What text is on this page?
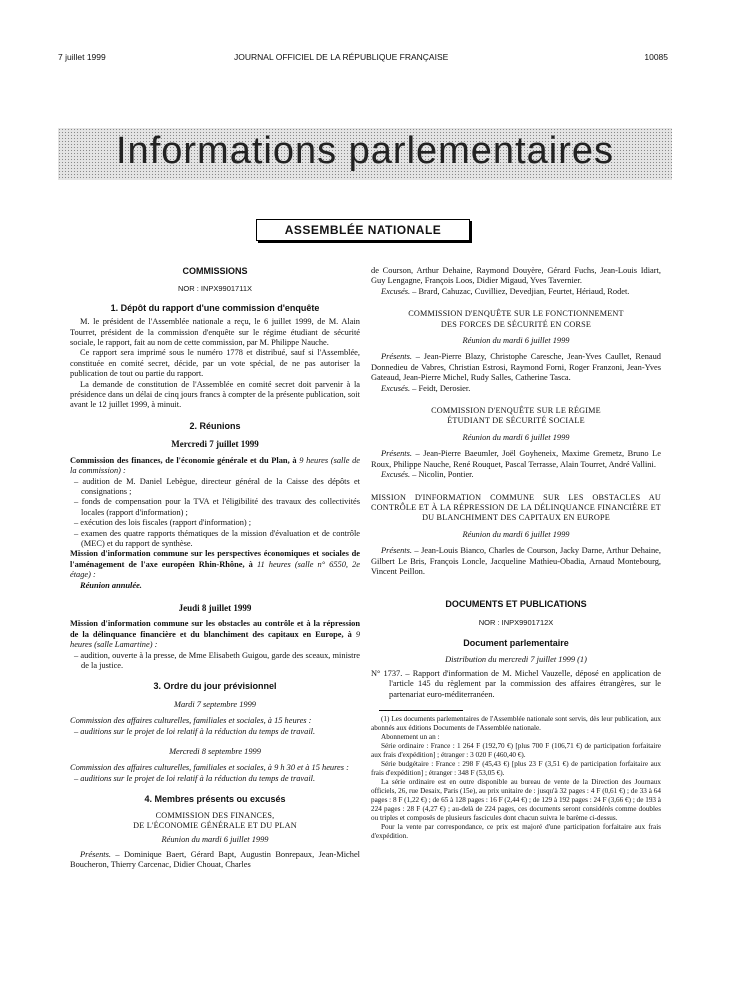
7 juillet 1999	JOURNAL OFFICIEL DE LA RÉPUBLIQUE FRANÇAISE	10085
Informations parlementaires
ASSEMBLÉE NATIONALE

COMMISSIONS

NOR : INPX9901711X

1. Dépôt du rapport d'une commission d'enquête

M. le président de l'Assemblée nationale a reçu, le 6 juillet 1999, de M. Alain Tourret, président de la commission d'enquête sur le régime étudiant de sécurité sociale, le rapport, fait au nom de cette commission, par M. Philippe Nauche.

Ce rapport sera imprimé sous le numéro 1778 et distribué, sauf si l'Assemblée, constituée en comité secret, décide, par un vote spécial, de ne pas autoriser la publication de tout ou partie du rapport.

La demande de constitution de l'Assemblée en comité secret doit parvenir à la présidence dans un délai de cinq jours francs à compter de la présente publication, soit avant le 12 juillet 1999, à minuit.

2. Réunions

Mercredi 7 juillet 1999

Commission des finances, de l'économie générale et du Plan, à 9 heures (salle de la commission) :

– audition de M. Daniel Lebègue, directeur général de la Caisse des dépôts et consignations ;

– fonds de compensation pour la TVA et l'éligibilité des travaux des collectivités locales (rapport d'information) ;

– exécution des lois fiscales (rapport d'information) ;

– examen des quatre rapports thématiques de la mission d'évaluation et de contrôle (MEC) et du rapport de synthèse.

Mission d'information commune sur les perspectives économiques et sociales de l'aménagement de l'axe européen Rhin-Rhône, à 11 heures (salle n° 6550, 2e étage) :

Réunion annulée.

Jeudi 8 juillet 1999

Mission d'information commune sur les obstacles au contrôle et à la répression de la délinquance financière et du blanchiment des capitaux en Europe, à 9 heures (salle Lamartine) :

– audition, ouverte à la presse, de Mme Elisabeth Guigou, garde des sceaux, ministre de la justice.

3. Ordre du jour prévisionnel

Mardi 7 septembre 1999

Commission des affaires culturelles, familiales et sociales, à 15 heures :

– auditions sur le projet de loi relatif à la réduction du temps de travail.

Mercredi 8 septembre 1999

Commission des affaires culturelles, familiales et sociales, à 9 h 30 et à 15 heures :

– auditions sur le projet de loi relatif à la réduction du temps de travail.

4. Membres présents ou excusés

COMMISSION DES FINANCES,

DE L'ÉCONOMIE GÉNÉRALE ET DU PLAN

Réunion du mardi 6 juillet 1999

Présents. – Dominique Baert, Gérard Bapt, Augustin Bonrepaux, Jean-Michel Boucheron, Thierry Carcenac, Didier Chouat, Charles

de Courson, Arthur Dehaine, Raymond Douyère, Gérard Fuchs, Jean-Louis Idiart, Guy Lengagne, François Loos, Didier Migaud, Yves Tavernier.

Excusés. – Brard, Cahuzac, Cuvilliez, Devedjian, Feurtet, Hériaud, Rodet.

COMMISSION D'ENQUÊTE SUR LE FONCTIONNEMENT

DES FORCES DE SÉCURITÉ EN CORSE

Réunion du mardi 6 juillet 1999

Présents. – Jean-Pierre Blazy, Christophe Caresche, Jean-Yves Caullet, Renaud Donnedieu de Vabres, Christian Estrosi, Raymond Forni, Roger Franzoni, Jean-Yves Gateaud, Jean-Pierre Michel, Rudy Salles, Catherine Tasca.

Excusés. – Feidt, Derosier.

COMMISSION D'ENQUÊTE SUR LE RÉGIME

ÉTUDIANT DE SÉCURITÉ SOCIALE

Réunion du mardi 6 juillet 1999

Présents. – Jean-Pierre Baeumler, Joël Goyheneix, Maxime Gremetz, Bruno Le Roux, Philippe Nauche, René Rouquet, Pascal Terrasse, Alain Tourret, André Vallini.

Excusés. – Nicolin, Pontier.

MISSION D'INFORMATION COMMUNE SUR LES OBSTACLES AU CONTRÔLE ET À LA RÉPRESSION DE LA DÉLINQUANCE FINANCIÈRE ET DU BLANCHIMENT DES CAPITAUX EN EUROPE

Réunion du mardi 6 juillet 1999

Présents. – Jean-Louis Bianco, Charles de Courson, Jacky Darne, Arthur Dehaine, Gilbert Le Bris, François Loncle, Jacqueline Mathieu-Obadia, Arnaud Montebourg, Vincent Peillon.

DOCUMENTS ET PUBLICATIONS

NOR : INPX9901712X

Document parlementaire

Distribution du mercredi 7 juillet 1999 (1)

N° 1737. – Rapport d'information de M. Michel Vauzelle, déposé en application de l'article 145 du règlement par la commission des affaires étrangères, sur le partenariat euro-méditerranéen.

(1) Les documents parlementaires de l'Assemblée nationale sont servis, dès leur publication, aux abonnés aux éditions Documents de l'Assemblée nationale.

Abonnement un an :

Série ordinaire : France : 1 264 F (192,70 €) [plus 700 F (106,71 €) de participation forfaitaire aux frais d'expédition] ; étranger : 3 020 F (460,40 €).

Série budgétaire : France : 298 F (45,43 €) [plus 23 F (3,51 €) de participation forfaitaire aux frais d'expédition] ; étranger : 348 F (53,05 €).

La série ordinaire est en outre disponible au bureau de vente de la Direction des Journaux officiels, 26, rue Desaix, Paris (15e), au prix unitaire de : jusqu'à 32 pages : 4 F (0,61 €) ; de 33 à 64 pages : 8 F (1,22 €) ; de 65 à 128 pages : 16 F (2,44 €) ; de 129 à 192 pages : 24 F (3,66 €) ; de 193 à 224 pages : 28 F (4,27 €) ; au-delà de 224 pages, ces documents seront considérés comme doubles ou triples et composés de plusieurs fascicules dont chacun suivra le barème ci-dessus.

Pour la vente par correspondance, ce prix est majoré d'une participation forfaitaire aux frais d'expédition.
